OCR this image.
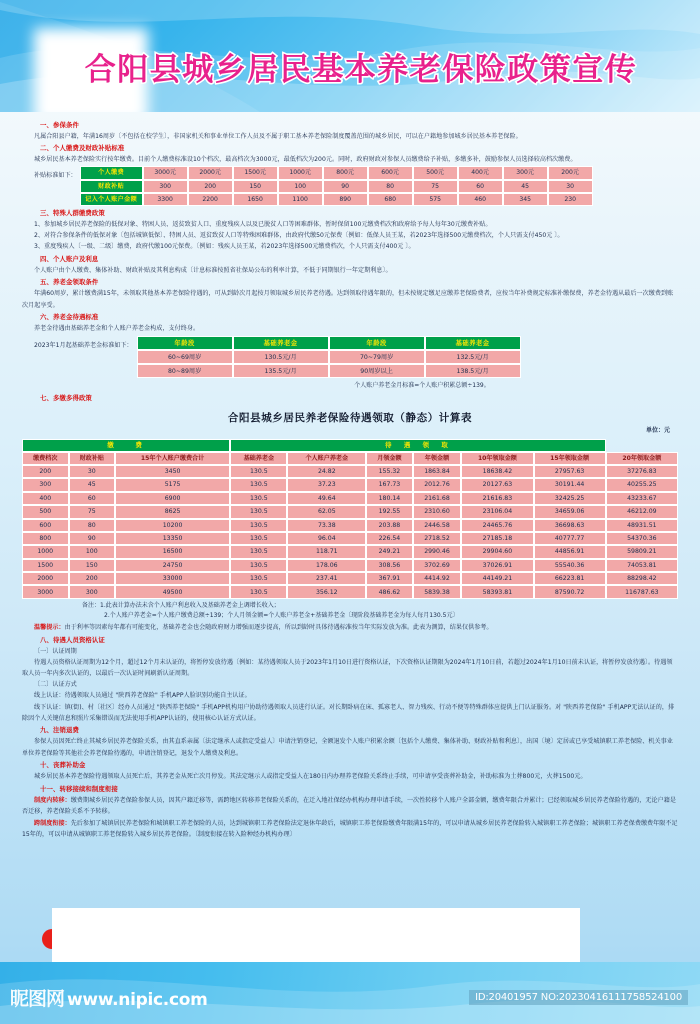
合阳县城乡居民基本养老保险政策宣传
一、参保条件
凡属合阳县户籍，年满16周岁〔不包括在校学生〕，非国家机关和事业单位工作人员及不属于职工基本养老保险制度覆盖范围的城乡居民，可以在户籍地参加城乡居民基本养老保险。
二、个人缴费及财政补贴标准
城乡居民基本养老保险实行按年缴费。目前个人缴费标准设10个档次，最高档次为3000元，最低档次为200元。同时，政府财政对参保人员缴费给予补贴，多缴多补，鼓励参保人员选择较高档次缴费。
补贴标准如下：	个人缴费	3000元	2000元	1500元	1000元	800元	600元	500元	400元	300元	200元
财政补贴	300	200	150	100	90	80	75	60	45	30
记入个人账户金额	3300	2200	1650	1100	890	680	575	460	345	230
三、特殊人群缴费政策
1、参加城乡居民养老保险的低保对象、特困人员、返贫致贫人口、重度残疾人以及已脱贫人口等困难群体，暂时保留100元缴费档次和政府给予每人每年30元缴费补贴。
2、对符合参保条件的低保对象〔包括城镇低保〕、特困人员、返贫致贫人口等特殊困难群体，由政府代缴50元保费〔例如：低保人员王某，若2023年选择500元缴费档次，个人只需支付450元 〕。
3、重度残疾人〔一级、二级〕缴费，政府代缴100元保费。〔例如：残疾人员王某，若2023年选择500元缴费档次，个人只需支付400元 〕。
四、个人账户及利息
个人账户由个人缴费、集体补助、财政补贴及其利息构成〔计息标准按照省社保局公布的利率计算，不低于同期银行一年定期利息〕。
五、养老金领取条件
年满60周岁，累计缴费满15年，未领取其他基本养老保险待遇的，可从到龄次月起按月领取城乡居民养老待遇。达到领取待遇年限的，但未按规定缴足应缴养老保险费者，应按当年补费规定标准补缴保费，养老金待遇从最后一次缴费到账次月起享受。
六、养老金待遇标准
养老金待遇由基础养老金和个人账户养老金构成，支付终身。
2023年1月起基础养老金标准如下：	年龄段	基础养老金	年龄段	基础养老金
60~69周岁	130.5元/月	70~79周岁	132.5元/月
80~89周岁	135.5元/月	90周岁以上	138.5元/月
个人账户养老金月标准=个人账户积累总额÷139。
七、多缴多得政策
合阳县城乡居民养老保险待遇领取（静态）计算表
单位：元
缴　　费			待　遇　领　取						
缴费档次	财政补贴	15年个人账户缴费合计	基础养老金	个人账户养老金	月领金额	年领金额	10年领取金额	15年领取金额	20年领取金额
200	30	3450	130.5	24.82	155.32	1863.84	18638.42	27957.63	37276.83
300	45	5175	130.5	37.23	167.73	2012.76	20127.63	30191.44	40255.25
400	60	6900	130.5	49.64	180.14	2161.68	21616.83	32425.25	43233.67
500	75	8625	130.5	62.05	192.55	2310.60	23106.04	34659.06	46212.09
600	80	10200	130.5	73.38	203.88	2446.58	24465.76	36698.63	48931.51
800	90	13350	130.5	96.04	226.54	2718.52	27185.18	40777.77	54370.36
1000	100	16500	130.5	118.71	249.21	2990.46	29904.60	44856.91	59809.21
1500	150	24750	130.5	178.06	308.56	3702.69	37026.91	55540.36	74053.81
2000	200	33000	130.5	237.41	367.91	4414.92	44149.21	66223.81	88298.42
3000	300	49500	130.5	356.12	486.62	5839.38	58393.81	87590.72	116787.63
备注：1.此表计算办法未含个人账户利息收入及基础养老金上调增长收入；
2.个人账户养老金=个人账户缴费总额÷139；个人月领金额=个人账户养老金+基础养老金〔现阶段基础养老金为每人每月130.5元〕
温馨提示：由于利率等因素每年都有可能变化，基础养老金也会随政府财力增强而逐步提高，所以到龄时具体待遇标准按当年实际发放为准。此表为测算，结果仅供参考。
八、待遇人员资格认证
〔一〕认证周期
待遇人员资格认证周期为12个月，超过12个月未认证的，将暂停发放待遇〔例如：某待遇领取人员于2023年1月10日进行资格认证，下次资格认证期限为2024年1月10日前，若超过2024年1月10日前未认证，将暂停发放待遇〕。待遇领取人员一年内多次认证的，以最后一次认证时间刷新认证周期。
〔二〕认证方式
线上认证：待遇领取人员通过 "陕西养老保险" 手机APP人脸识别功能自主认证。
线下认证：镇(街)、村〔社区〕经办人员通过 "陕西养老保险" 手机APP机构用户协助待遇领取人员进行认证。对长期卧病在床、孤寡老人、智力残疾、行动不便等特殊群体应提供上门认证服务。对 "陕西养老保险" 手机APP无法认证的，排除因个人关键信息和照片采集错误而无法使用手机APP认证的，使用核心认证方式认证。
九、注销退费
参保人员因死亡终止其城乡居民养老保险关系，由其直系亲属〔法定继承人或指定受益人〕申请注销登记，全额退发个人账户积累余额〔包括个人缴费、集体补助、财政补贴和利息〕，出国〔境〕定居或已享受城镇职工养老保险、机关事业单位养老保险等其他社会养老保险待遇的，申请注销登记，退发个人缴费及利息。
十、丧葬补助金
城乡居民基本养老保险待遇领取人员死亡后，其养老金从死亡次月停发。其法定继示人或指定受益人在180日内办理养老保险关系终止手续，可申请享受丧葬补助金，补助标准为土葬800元，火葬1500元。
十一、转移接续和制度衔接
制度内转移：缴费期城乡居民养老保险参保人员，因其户籍迁移等，需跨地区转移养老保险关系的，在迁入地社保经办机构办理申请手续，一次性转移个人账户全部金额，缴费年限合并累计；已经领取城乡居民养老保险待遇的，无论户籍是否迁移，养老保险关系不予转移。
跨制度衔接：先后参加了城镇居民养老保险和城镇职工养老保险的人员，达到城镇职工养老保险法定退休年龄后，城镇职工养老保险缴费年限满15年的，可以申请从城乡居民养老保险转入城镇职工养老保险；城镇职工养老保费缴费年限不足15年的，可以申请从城镇职工养老保险转入城乡居民养老保险。〔制度衔接在转入险种经办机构办理〕
昵图网 www.nipic.com	ID:20401957 NO:20230416111758524100
